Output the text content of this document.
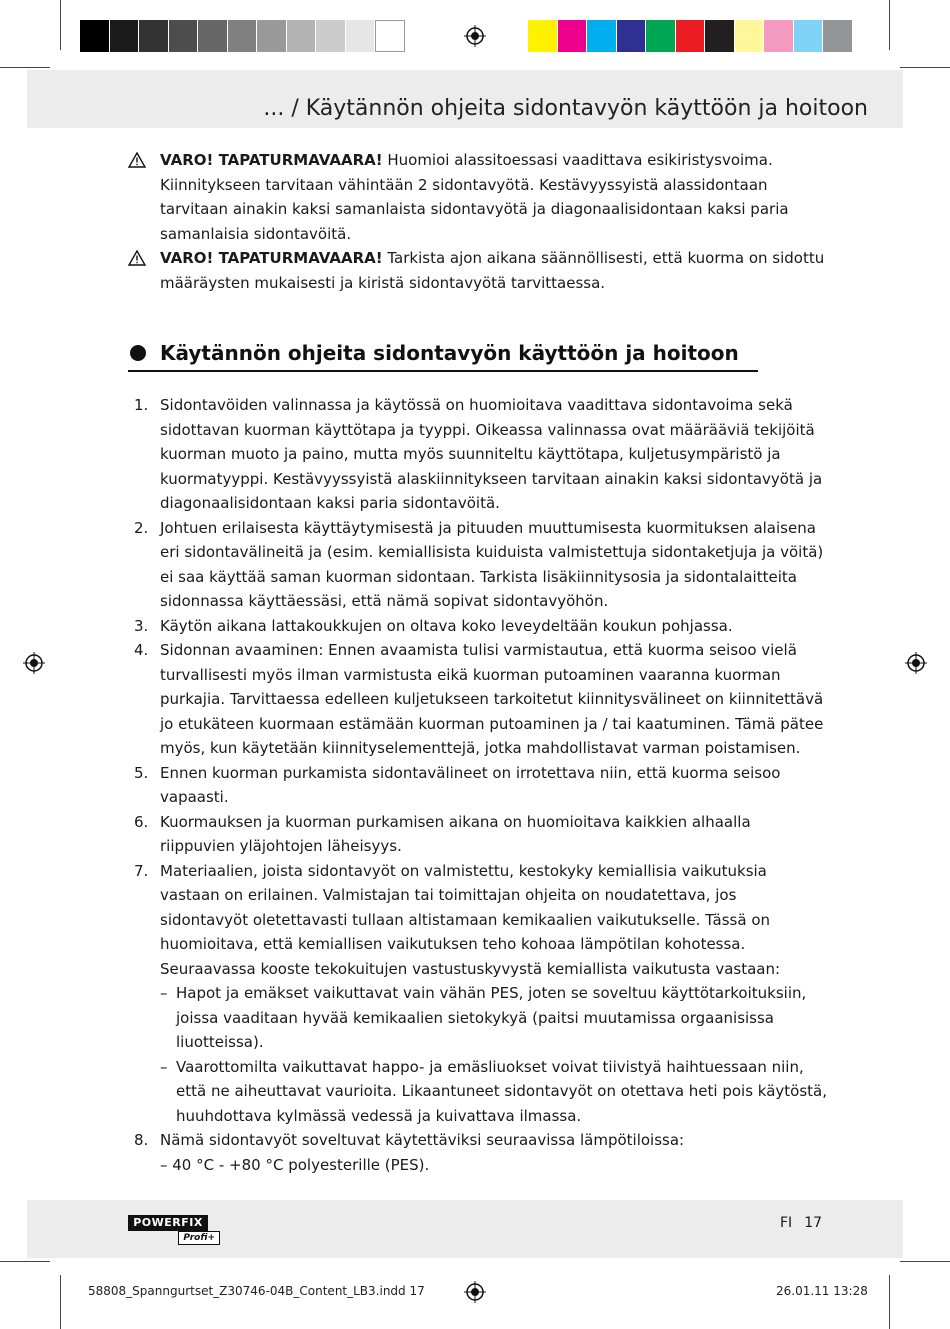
... / Käytännön ohjeita sidontavyön käyttöön ja hoitoon
VARO! TAPATURMAVAARA! Huomioi alassitoessasi vaadittava esikiristysvoima. Kiinnitykseen tarvitaan vähintään 2 sidontavyötä. Kestävyyssyistä alassidontaan tarvitaan ainakin kaksi samanlaista sidontavyötä ja diagonaalisidontaan kaksi paria samanlaisia sidontavöitä.
VARO! TAPATURMAVAARA! Tarkista ajon aikana säännöllisesti, että kuorma on sidottu määräysten mukaisesti ja kiristä sidontavyötä tarvittaessa.
Käytännön ohjeita sidontavyön käyttöön ja hoitoon
1. Sidontavöiden valinnassa ja käytössä on huomioitava vaadittava sidontavoima sekä sidottavan kuorman käyttötapa ja tyyppi. Oikeassa valinnassa ovat määrääviä tekijöitä kuorman muoto ja paino, mutta myös suunniteltu käyttötapa, kuljetusympäristö ja kuormatyyppi. Kestävyyssyistä alaskiinnitykseen tarvitaan ainakin kaksi sidontavyötä ja diagonaalisidontaan kaksi paria sidontavöitä.
2. Johtuen erilaisesta käyttäytymisestä ja pituuden muuttumisesta kuormituksen alaisena eri sidontavälineitä ja (esim. kemiallisista kuiduista valmistettuja sidontaketjuja ja vöitä) ei saa käyttää saman kuorman sidontaan. Tarkista lisäkiinnitysosia ja sidontalaitteita sidonnassa käyttäessäsi, että nämä sopivat sidontavyöhön.
3. Käytön aikana lattakoukkujen on oltava koko leveydeltään koukun pohjassa.
4. Sidonnan avaaminen: Ennen avaamista tulisi varmistautua, että kuorma seisoo vielä turvallisesti myös ilman varmistusta eikä kuorman putoaminen vaaranna kuorman purkajia. Tarvittaessa edelleen kuljetukseen tarkoitetut kiinnitysvälineet on kiinnitettävä jo etukäteen kuormaan estämään kuorman putoaminen ja / tai kaatuminen. Tämä pätee myös, kun käytetään kiinnityselementtejä, jotka mahdollistavat varman poistamisen.
5. Ennen kuorman purkamista sidontavälineet on irrotettava niin, että kuorma seisoo vapaasti.
6. Kuormauksen ja kuorman purkamisen aikana on huomioitava kaikkien alhaalla riippuvien yläjohtojen läheisyys.
7. Materiaalien, joista sidontavyöt on valmistettu, kestokyky kemiallisia vaikutuksia vastaan on erilainen. Valmistajan tai toimittajan ohjeita on noudatettava, jos sidontavyöt oletettavasti tullaan altistamaan kemikaalien vaikutukselle. Tässä on huomioitava, että kemiallisen vaikutuksen teho kohoaa lämpötilan kohotessa. Seuraavassa kooste tekokuitujen vastustuskyvystä kemiallista vaikutusta vastaan:
– Hapot ja emäkset vaikuttavat vain vähän PES, joten se soveltuu käyttötarkoituksiin, joissa vaaditaan hyvää kemikaalien sietokykyä (paitsi muutamissa orgaanisissa liuotteissa).
– Vaarottomilta vaikuttavat happo- ja emäsliuokset voivat tiivistyä haihtuessaan niin, että ne aiheuttavat vaurioita. Likaantuneet sidontavyöt on otettava heti pois käytöstä, huuhdottava kylmässä vedessä ja kuivattava ilmassa.
8. Nämä sidontavyöt soveltuvat käytettäviksi seuraavissa lämpötiloissa:
– 40 °C - +80 °C polyesterille (PES).
POWERFIX
Profi+
FI 17
58808_Spanngurtset_Z30746-04B_Content_LB3.indd 17	26.01.11 13:28
